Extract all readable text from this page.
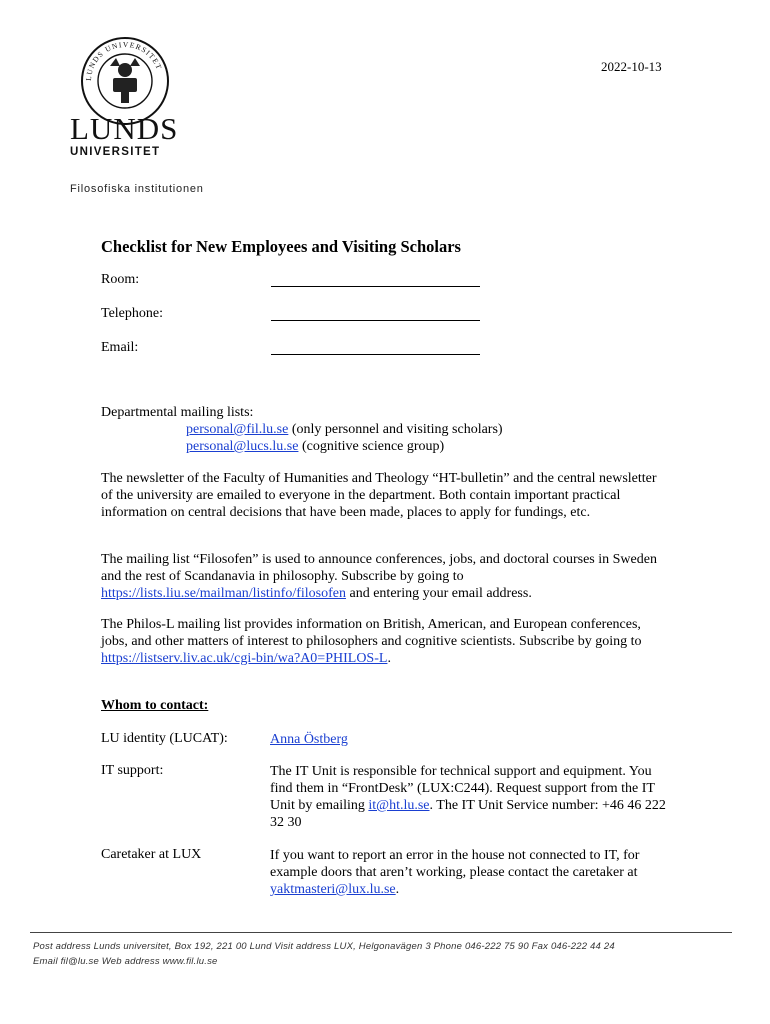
LUNDS UNIVERSITET
LUNDS
UNIVERSITET
Filosofiska institutionen
2022-10-13
Checklist for New Employees and Visiting Scholars
Room:
Telephone:
Email:
Departmental mailing lists:
personal@fil.lu.se (only personnel and visiting scholars)
personal@lucs.lu.se (cognitive science group)
The newsletter of the Faculty of Humanities and Theology “HT-bulletin” and the central newsletter of the university are emailed to everyone in the department. Both contain important practical information on central decisions that have been made, places to apply for fundings, etc.
The mailing list “Filosofen” is used to announce conferences, jobs, and doctoral courses in Sweden and the rest of Scandanavia in philosophy. Subscribe by going to https://lists.liu.se/mailman/listinfo/filosofen and entering your email address.
The Philos-L mailing list provides information on British, American, and European conferences, jobs, and other matters of interest to philosophers and cognitive scientists. Subscribe by going to https://listserv.liv.ac.uk/cgi-bin/wa?A0=PHILOS-L.
Whom to contact:
LU identity (LUCAT):	Anna Östberg
IT support:	The IT Unit is responsible for technical support and equipment. You find them in “FrontDesk” (LUX:C244). Request support from the IT Unit by emailing it@ht.lu.se. The IT Unit Service number: +46 46 222 32 30
Caretaker at LUX	If you want to report an error in the house not connected to IT, for example doors that aren’t working, please contact the caretaker at yaktmasteri@lux.lu.se.
Post address Lunds universitet, Box 192, 221 00 Lund Visit address LUX, Helgonavägen 3 Phone 046-222 75 90 Fax 046-222 44 24
Email fil@lu.se Web address www.fil.lu.se
